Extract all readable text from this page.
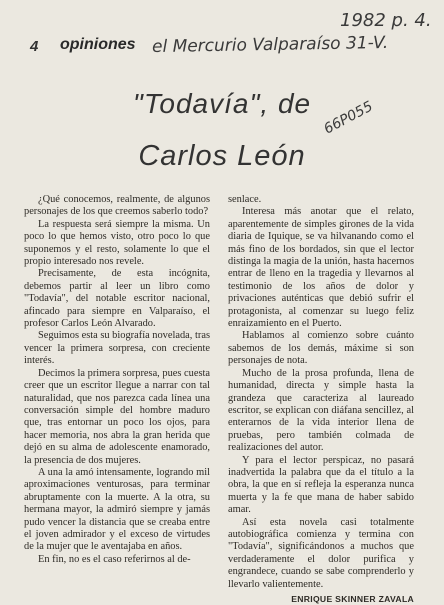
4 opiniones
1982 p. 4.
el Mercurio Valparaíso 31-V.
66P055
"Todavía", de
Carlos León

¿Qué conocemos, realmente, de algunos personajes de los que creemos saberlo todo?

La respuesta será siempre la misma. Un poco lo que hemos visto, otro poco lo que suponemos y el resto, solamente lo que el propio interesado nos revele.

Precisamente, de esta incógnita, debemos partir al leer un libro como "Todavía", del notable escritor nacional, afincado para siempre en Valparaíso, el profesor Carlos León Alvarado.

Seguimos esta su biografía novelada, tras vencer la primera sorpresa, con creciente interés.

Decimos la primera sorpresa, pues cuesta creer que un escritor llegue a narrar con tal naturalidad, que nos parezca cada línea una conversación simple del hombre maduro que, tras entornar un poco los ojos, para hacer memoria, nos abra la gran herida que dejó en su alma de adolescente enamorado, la presencia de dos mujeres.

A una la amó intensamente, logrando mil aproximaciones venturosas, para terminar abruptamente con la muerte. A la otra, su hermana mayor, la admiró siempre y jamás pudo vencer la distancia que se creaba entre el joven admirador y el exceso de virtudes de la mujer que le aventajaba en años.

En fin, no es el caso referirnos al de-

senlace.

Interesa más anotar que el relato, aparentemente de simples girones de la vida diaria de Iquique, se va hilvanando como el más fino de los bordados, sin que el lector distinga la magia de la unión, hasta hacernos entrar de lleno en la tragedia y llevarnos al testimonio de los años de dolor y privaciones auténticas que debió sufrir el protagonista, al comenzar su luego feliz enraizamiento en el Puerto.

Hablamos al comienzo sobre cuánto sabemos de los demás, máxime si son personajes de nota.

Mucho de la prosa profunda, llena de humanidad, directa y simple hasta la grandeza que caracteriza al laureado escritor, se explican con diáfana sencillez, al enterarnos de la vida interior llena de pruebas, pero también colmada de realizaciones del autor.

Y para el lector perspicaz, no pasará inadvertida la palabra que da el título a la obra, la que en sí refleja la esperanza nunca muerta y la fe que mana de haber sabido amar.

Así esta novela casi totalmente autobiográfica comienza y termina con "Todavía", significándonos a muchos que verdaderamente el dolor purifica y engrandece, cuando se sabe comprenderlo y llevarlo valientemente.

ENRIQUE SKINNER ZAVALA
